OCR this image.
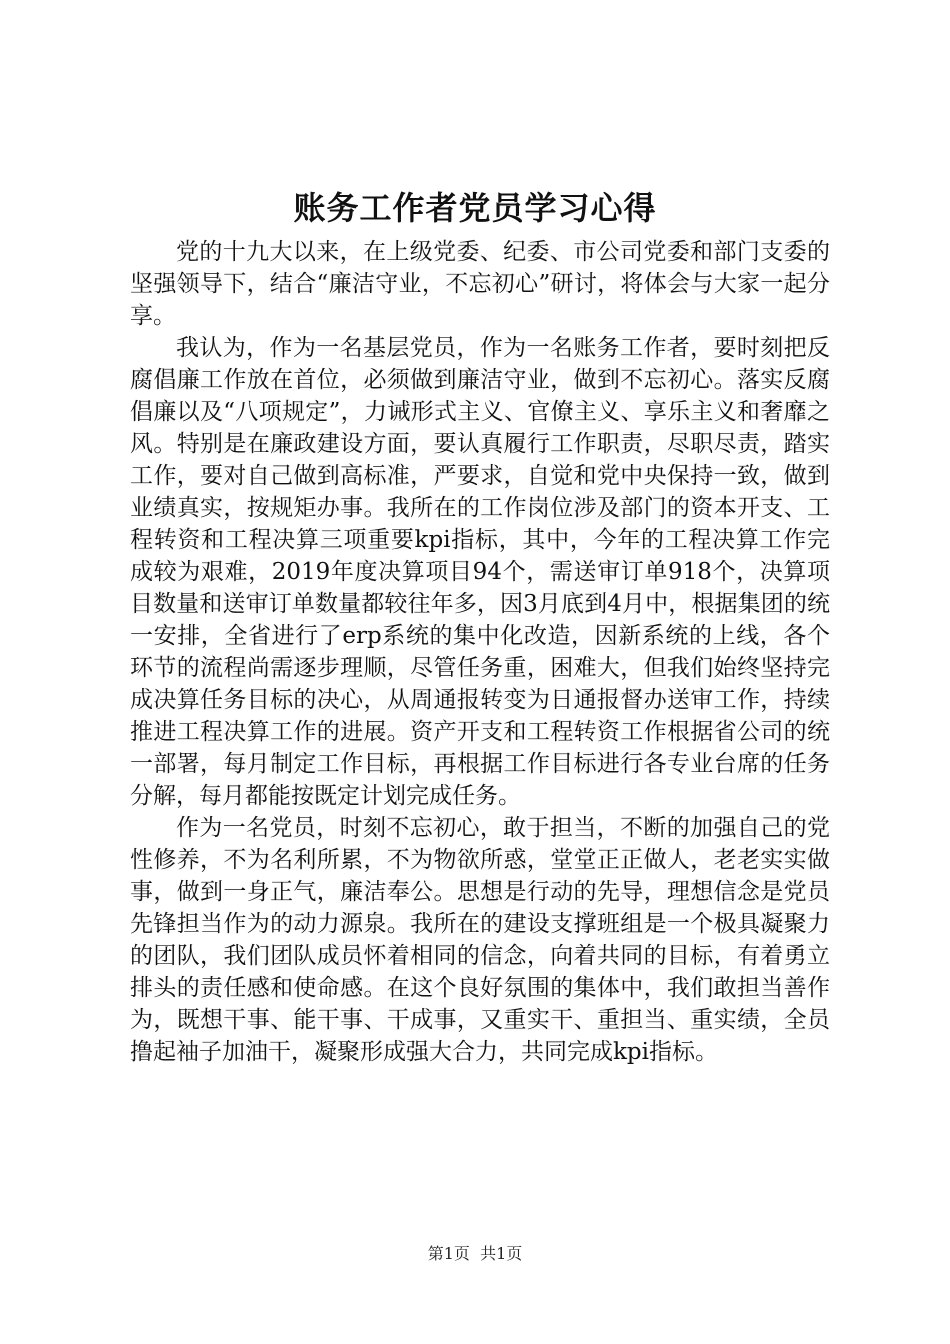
账务工作者党员学习心得

党的十九大以来，在上级党委、纪委、市公司党委和部门支委的坚强领导下，结合“廉洁守业，不忘初心”研讨，将体会与大家一起分享。

我认为，作为一名基层党员，作为一名账务工作者，要时刻把反腐倡廉工作放在首位，必须做到廉洁守业，做到不忘初心。落实反腐倡廉以及“八项规定”，力诫形式主义、官僚主义、享乐主义和奢靡之风。特别是在廉政建设方面，要认真履行工作职责，尽职尽责，踏实工作，要对自己做到高标准，严要求，自觉和党中央保持一致，做到业绩真实，按规矩办事。我所在的工作岗位涉及部门的资本开支、工程转资和工程决算三项重要kpi指标，其中，今年的工程决算工作完成较为艰难，2019年度决算项目94个，需送审订单918个，决算项目数量和送审订单数量都较往年多，因3月底到4月中，根据集团的统一安排，全省进行了erp系统的集中化改造，因新系统的上线，各个环节的流程尚需逐步理顺，尽管任务重，困难大，但我们始终坚持完成决算任务目标的决心，从周通报转变为日通报督办送审工作，持续推进工程决算工作的进展。资产开支和工程转资工作根据省公司的统一部署，每月制定工作目标，再根据工作目标进行各专业台席的任务分解，每月都能按既定计划完成任务。

作为一名党员，时刻不忘初心，敢于担当，不断的加强自己的党性修养，不为名利所累，不为物欲所惑，堂堂正正做人，老老实实做事，做到一身正气，廉洁奉公。思想是行动的先导，理想信念是党员先锋担当作为的动力源泉。我所在的建设支撑班组是一个极具凝聚力的团队，我们团队成员怀着相同的信念，向着共同的目标，有着勇立排头的责任感和使命感。在这个良好氛围的集体中，我们敢担当善作为，既想干事、能干事、干成事，又重实干、重担当、重实绩，全员撸起袖子加油干，凝聚形成强大合力，共同完成kpi指标。

第1页 共1页
